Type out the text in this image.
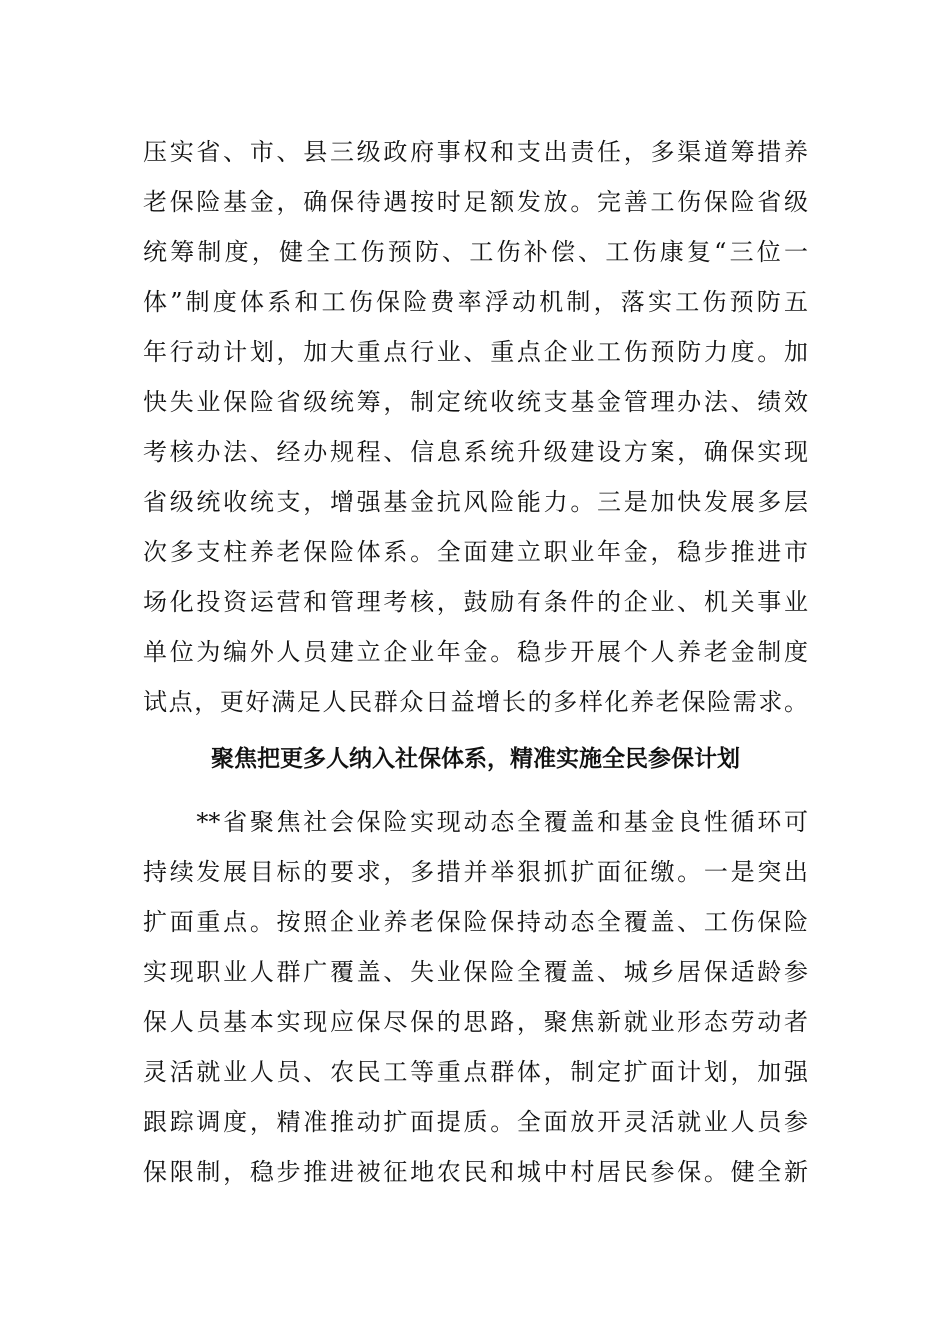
压实省、市、县三级政府事权和支出责任，多渠道筹措养
老保险基金，确保待遇按时足额发放。完善工伤保险省级
统筹制度，健全工伤预防、工伤补偿、工伤康复“三位一
体”制度体系和工伤保险费率浮动机制，落实工伤预防五
年行动计划，加大重点行业、重点企业工伤预防力度。加
快失业保险省级统筹，制定统收统支基金管理办法、绩效
考核办法、经办规程、信息系统升级建设方案，确保实现
省级统收统支，增强基金抗风险能力。三是加快发展多层
次多支柱养老保险体系。全面建立职业年金，稳步推进市
场化投资运营和管理考核，鼓励有条件的企业、机关事业
单位为编外人员建立企业年金。稳步开展个人养老金制度
试点，更好满足人民群众日益增长的多样化养老保险需求。
聚焦把更多人纳入社保体系，精准实施全民参保计划
　　**省聚焦社会保险实现动态全覆盖和基金良性循环可
持续发展目标的要求，多措并举狠抓扩面征缴。一是突出
扩面重点。按照企业养老保险保持动态全覆盖、工伤保险
实现职业人群广覆盖、失业保险全覆盖、城乡居保适龄参
保人员基本实现应保尽保的思路，聚焦新就业形态劳动者
灵活就业人员、农民工等重点群体，制定扩面计划，加强
跟踪调度，精准推动扩面提质。全面放开灵活就业人员参
保限制，稳步推进被征地农民和城中村居民参保。健全新
